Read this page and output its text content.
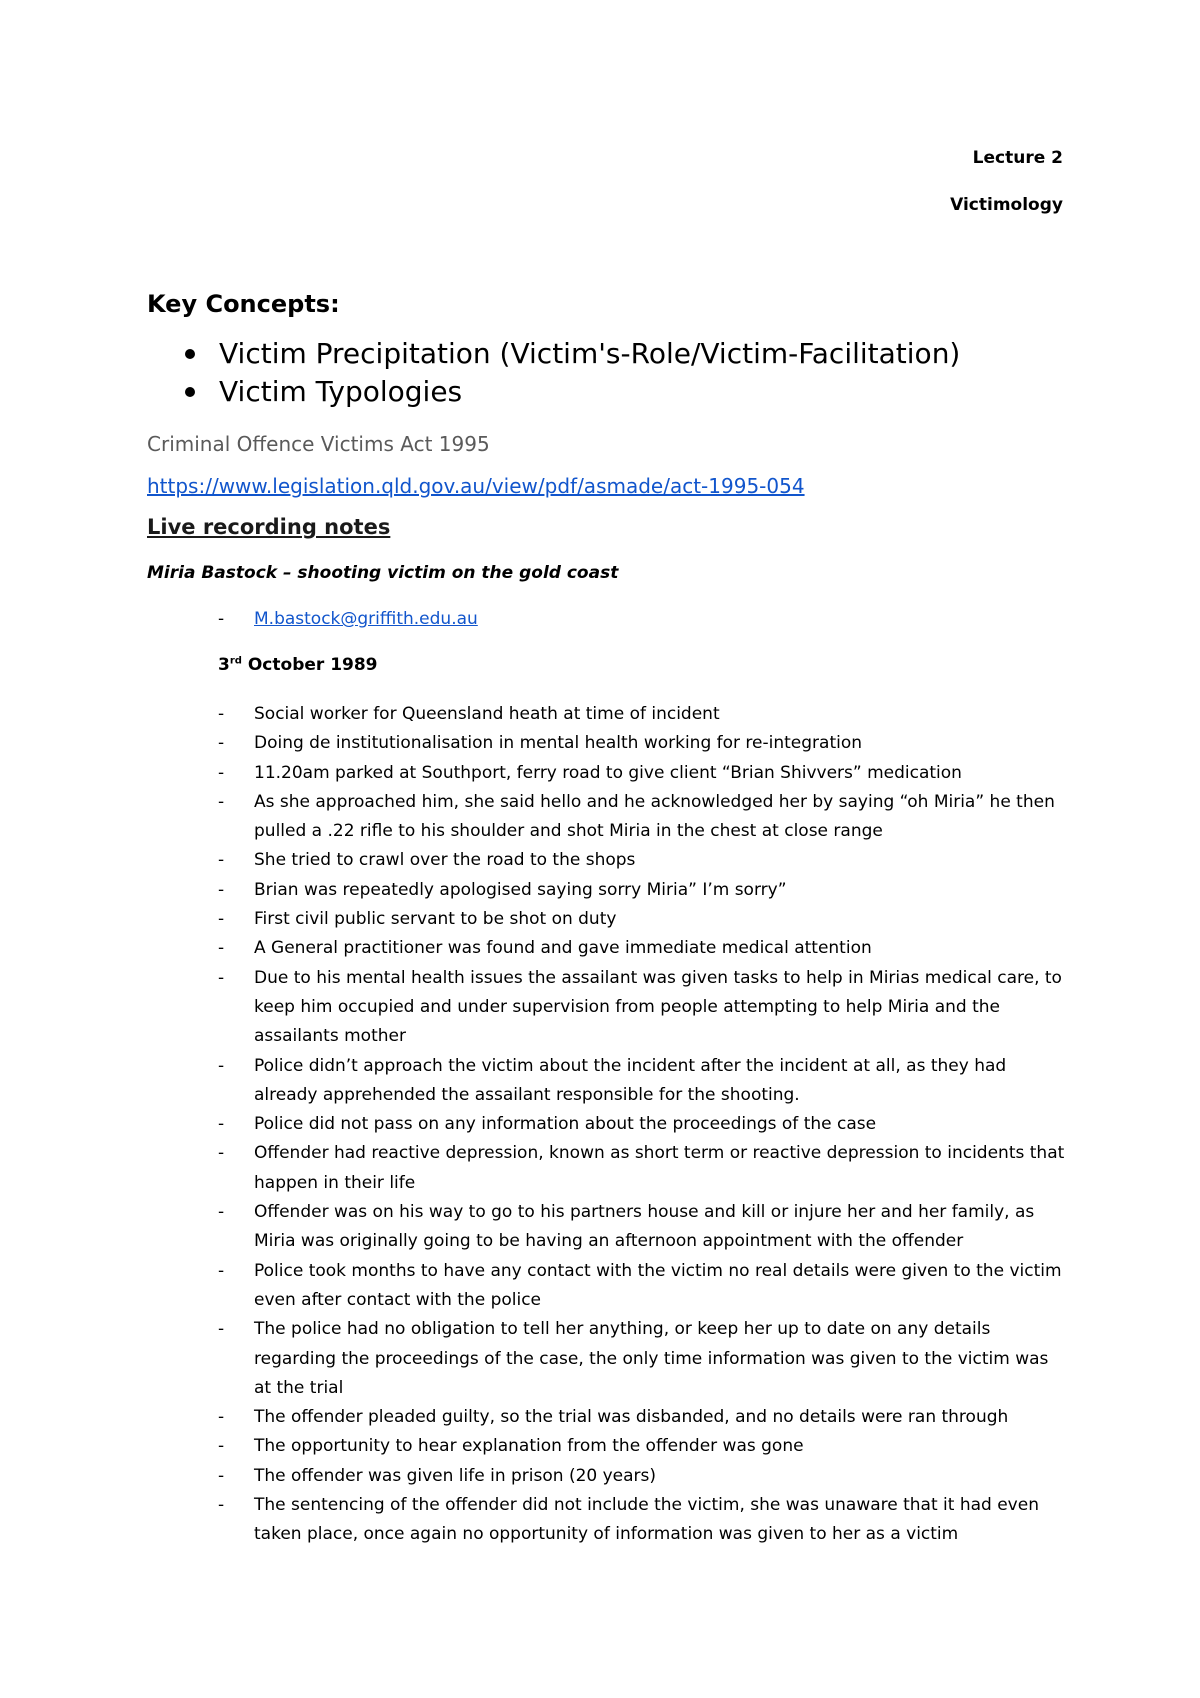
Lecture 2
Victimology
Key Concepts:
Victim Precipitation (Victim's-Role/Victim-Facilitation)
Victim Typologies
Criminal Offence Victims Act 1995
https://www.legislation.qld.gov.au/view/pdf/asmade/act-1995-054
Live recording notes
Miria Bastock – shooting victim on the gold coast
- M.bastock@griffith.edu.au
3rd October 1989
- Social worker for Queensland heath at time of incident
- Doing de institutionalisation in mental health working for re-integration
- 11.20am parked at Southport, ferry road to give client “Brian Shivvers” medication
- As she approached him, she said hello and he acknowledged her by saying “oh Miria” he then pulled a .22 rifle to his shoulder and shot Miria in the chest at close range
- She tried to crawl over the road to the shops
- Brian was repeatedly apologised saying sorry Miria” I’m sorry”
- First civil public servant to be shot on duty
- A General practitioner was found and gave immediate medical attention
- Due to his mental health issues the assailant was given tasks to help in Mirias medical care, to keep him occupied and under supervision from people attempting to help Miria and the assailants mother
- Police didn’t approach the victim about the incident after the incident at all, as they had already apprehended the assailant responsible for the shooting.
- Police did not pass on any information about the proceedings of the case
- Offender had reactive depression, known as short term or reactive depression to incidents that happen in their life
- Offender was on his way to go to his partners house and kill or injure her and her family, as Miria was originally going to be having an afternoon appointment with the offender
- Police took months to have any contact with the victim no real details were given to the victim even after contact with the police
- The police had no obligation to tell her anything, or keep her up to date on any details regarding the proceedings of the case, the only time information was given to the victim was at the trial
- The offender pleaded guilty, so the trial was disbanded, and no details were ran through
- The opportunity to hear explanation from the offender was gone
- The offender was given life in prison (20 years)
- The sentencing of the offender did not include the victim, she was unaware that it had even taken place, once again no opportunity of information was given to her as a victim
